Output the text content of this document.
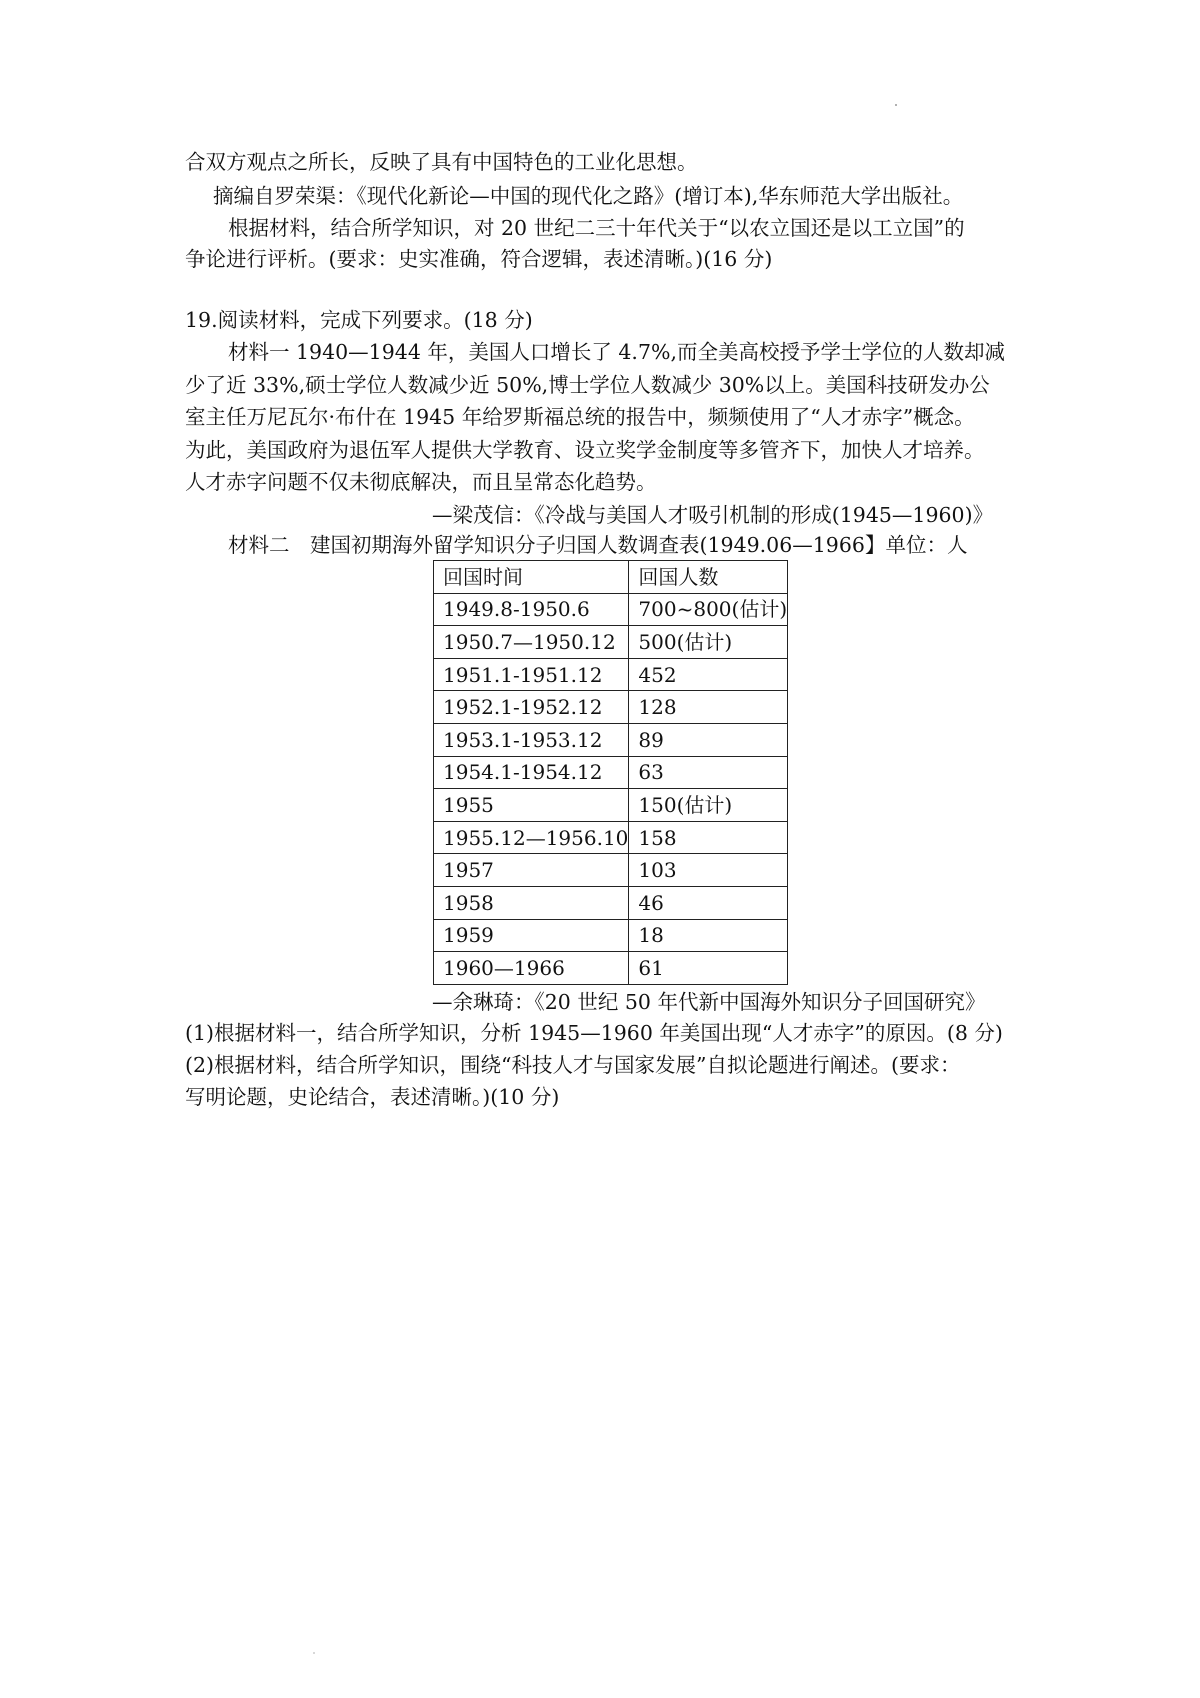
合双方观点之所长，反映了具有中国特色的工业化思想。
摘编自罗荣渠：《现代化新论—中国的现代化之路》(增订本),华东师范大学出版社。
根据材料，结合所学知识，对 20 世纪二三十年代关于“以农立国还是以工立国”的
争论进行评析。(要求：史实准确，符合逻辑，表述清晰。)(16 分)
19.阅读材料，完成下列要求。(18 分)
材料一 1940—1944 年，美国人口增长了 4.7%,而全美高校授予学士学位的人数却减
少了近 33%,硕士学位人数减少近 50%,博士学位人数减少 30%以上。美国科技研发办公
室主任万尼瓦尔·布什在 1945 年给罗斯福总统的报告中，频频使用了“人才赤字”概念。
为此，美国政府为退伍军人提供大学教育、设立奖学金制度等多管齐下，加快人才培养。
人才赤字问题不仅未彻底解决，而且呈常态化趋势。
—梁茂信：《冷战与美国人才吸引机制的形成(1945—1960)》
材料二　建国初期海外留学知识分子归国人数调查表(1949.06—1966】单位：人
回国时间	回国人数
1949.8-1950.6	700~800(估计)
1950.7—1950.12	500(估计)
1951.1-1951.12	452
1952.1-1952.12	128
1953.1-1953.12	89
1954.1-1954.12	63
1955	150(估计)
1955.12—1956.10	158
1957	103
1958	46
1959	18
1960—1966	61
—余琳琦：《20 世纪 50 年代新中国海外知识分子回国研究》
(1)根据材料一，结合所学知识，分析 1945—1960 年美国出现“人才赤字”的原因。(8 分)
(2)根据材料，结合所学知识，围绕“科技人才与国家发展”自拟论题进行阐述。(要求：
写明论题，史论结合，表述清晰。)(10 分)
